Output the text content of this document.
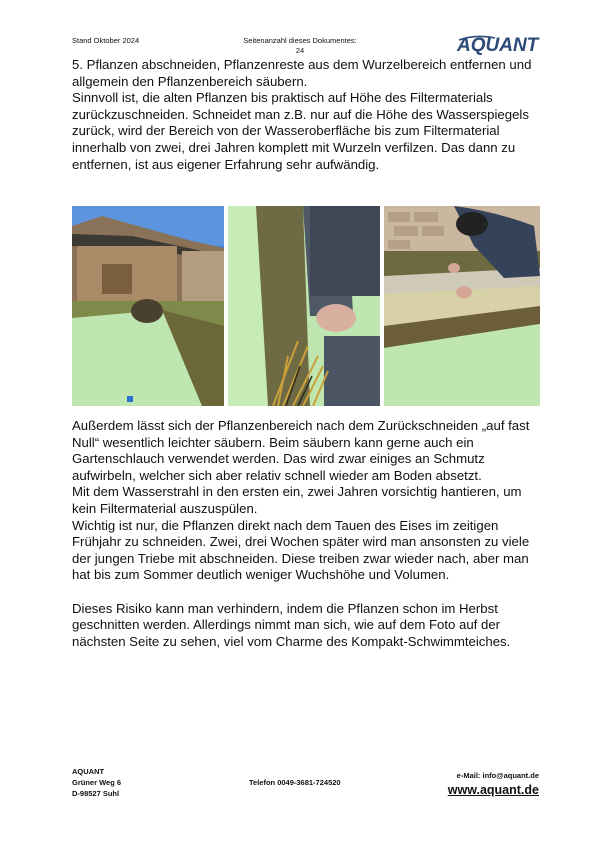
Stand Oktober 2024	Seitenanzahl dieses Dokumentes: 24	AQUANT

5. Pflanzen abschneiden, Pflanzenreste aus dem Wurzelbereich entfernen und allgemein den Pflanzenbereich säubern.

Sinnvoll ist, die alten Pflanzen bis praktisch auf Höhe des Filtermaterials zurückzuschneiden. Schneidet man z.B. nur auf die Höhe des Wasserspiegels zurück, wird der Bereich von der Wasseroberfläche bis zum Filtermaterial innerhalb von zwei, drei Jahren komplett mit Wurzeln verfilzen. Das dann zu entfernen, ist aus eigener Erfahrung sehr aufwändig.

Außerdem lässt sich der Pflanzenbereich nach dem Zurückschneiden „auf fast Null“ wesentlich leichter säubern. Beim säubern kann gerne auch ein Gartenschlauch verwendet werden. Das wird zwar einiges an Schmutz aufwirbeln, welcher sich aber relativ schnell wieder am Boden absetzt.

Mit dem Wasserstrahl in den ersten ein, zwei Jahren vorsichtig hantieren, um kein Filtermaterial auszuspülen.

Wichtig ist nur, die Pflanzen direkt nach dem Tauen des Eises im zeitigen Frühjahr zu schneiden. Zwei, drei Wochen später wird man ansonsten zu viele der jungen Triebe mit abschneiden. Diese treiben zwar wieder nach, aber man hat bis zum Sommer deutlich weniger Wuchshöhe und Volumen.

Dieses Risiko kann man verhindern, indem die Pflanzen schon im Herbst geschnitten werden. Allerdings nimmt man sich, wie auf dem Foto auf der nächsten Seite zu sehen, viel vom Charme des Kompakt-Schwimmteiches.

AQUANT
Grüner Weg 6
D-98527 Suhl
Telefon 0049-3681-724520
e-Mail: info@aquant.de
www.aquant.de
